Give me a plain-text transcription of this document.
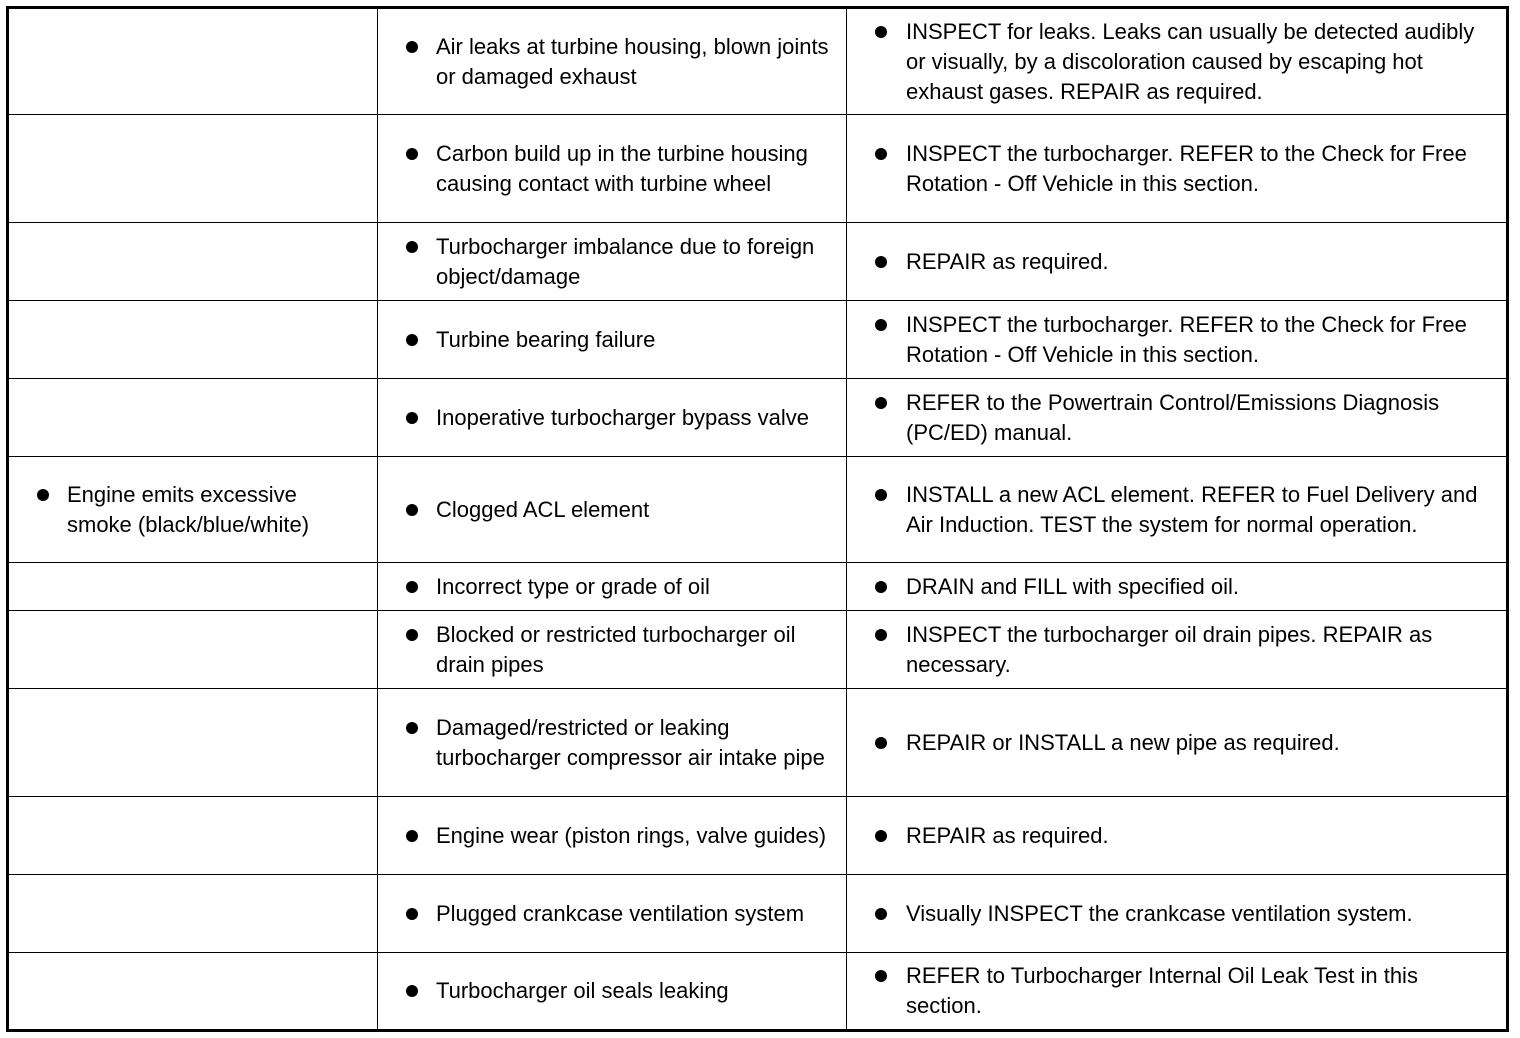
	Air leaks at turbine housing, blown joints or damaged exhaust	INSPECT for leaks. Leaks can usually be detected audibly or visually, by a discoloration caused by escaping hot exhaust gases. REPAIR as required.

	Carbon build up in the turbine housing causing contact with turbine wheel	INSPECT the turbocharger. REFER to the Check for Free Rotation - Off Vehicle in this section.

	Turbocharger imbalance due to foreign object/damage	REPAIR as required.

	Turbine bearing failure	INSPECT the turbocharger. REFER to the Check for Free Rotation - Off Vehicle in this section.

	Inoperative turbocharger bypass valve	REFER to the Powertrain Control/Emissions Diagnosis (PC/ED) manual.

Engine emits excessive smoke (black/blue/white)	Clogged ACL element	INSTALL a new ACL element. REFER to Fuel Delivery and Air Induction. TEST the system for normal operation.

	Incorrect type or grade of oil	DRAIN and FILL with specified oil.

	Blocked or restricted turbocharger oil drain pipes	INSPECT the turbocharger oil drain pipes. REPAIR as necessary.

	Damaged/restricted or leaking turbocharger compressor air intake pipe	REPAIR or INSTALL a new pipe as required.

	Engine wear (piston rings, valve guides)	REPAIR as required.

	Plugged crankcase ventilation system	Visually INSPECT the crankcase ventilation system.

	Turbocharger oil seals leaking	REFER to Turbocharger Internal Oil Leak Test in this section.
